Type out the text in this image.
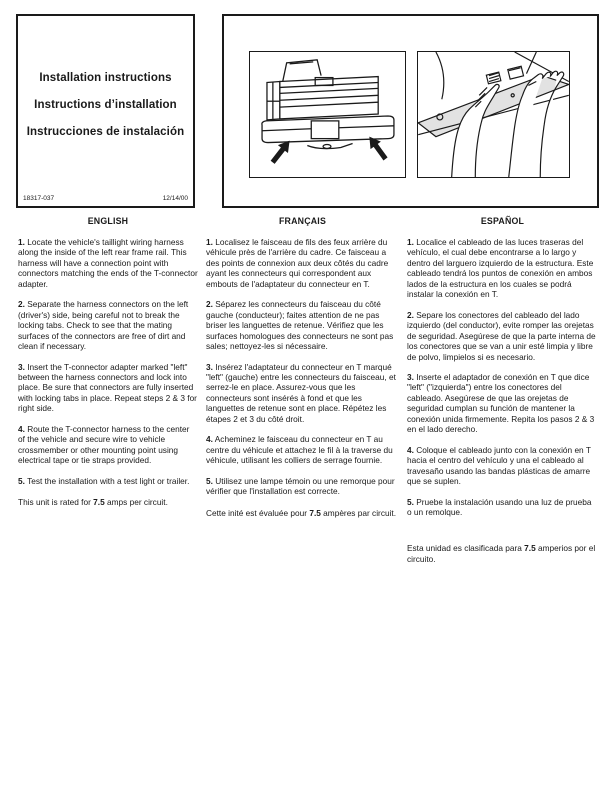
Installation instructions
Instructions d’installation
Instrucciones de instalación
18317-037	12/14/00
ENGLISH

1. Locate the vehicle's taillight wiring harness along the inside of the left rear frame rail. This harness will have a connection point with connectors matching the ends of the T-connector adapter.

2. Separate the harness connectors on the left (driver's) side, being careful not to break the locking tabs. Check to see that the mating surfaces of the connectors are free of dirt and clean if necessary.

3. Insert the T-connector adapter marked "left" between the harness connectors and lock into place. Be sure that connectors are fully inserted with locking tabs in place. Repeat steps 2 & 3 for right side.

4. Route the T-connector harness to the center of the vehicle and secure wire to vehicle crossmember or other mounting point using electrical tape or tie straps provided.

5. Test the installation with a test light or trailer.

This unit is rated for 7.5 amps per circuit.

FRANÇAIS

1. Localisez le faisceau de fils des feux arrière du véhicule près de l'arrière du cadre. Ce faisceau a des points de connexion aux deux côtés du cadre ayant les connecteurs qui correspondent aux embouts de l'adaptateur du connecteur en T.

2. Séparez les connecteurs du faisceau du côté gauche (conducteur); faites attention de ne pas briser les languettes de retenue. Vérifiez que les surfaces homologues des connecteurs ne sont pas sales; nettoyez-les si nécessaire.

3. Insérez l'adaptateur du connecteur en T marqué "left" (gauche) entre les connecteurs du faisceau, et serrez-le en place. Assurez-vous que les connecteurs sont insérés à fond et que les languettes de retenue sont en place. Répétez les étapes 2 et 3 du côté droit.

4. Acheminez le faisceau du connecteur en T au centre du véhicule et attachez le fil à la traverse du véhicule, utilisant les colliers de serrage fournie.

5. Utilisez une lampe témoin ou une remorque pour vérifier que l'installation est correcte.

Cette inité est évaluée pour 7.5 ampères par circuit.

ESPAÑOL

1. Localice el cableado de las luces traseras del vehículo, el cual debe encontrarse a lo largo y dentro del larguero izquierdo de la estructura. Este cableado tendrá los puntos de conexión en ambos lados de la estructura en los cuales se podrá instalar la conexión en T.

2. Separe los conectores del cableado del lado izquierdo (del conductor), evite romper las orejetas de seguridad. Asegúrese de que la parte interna de los conectores que se van a unir esté limpia y libre de polvo, limpielos si es necesario.

3. Inserte el adaptador de conexión en T que dice "left" ("izquierda") entre los conectores del cableado. Asegúrese de que las orejetas de seguridad cumplan su función de mantener la conexión unida firmemente. Repita los pasos 2 & 3 en el lado derecho.

4. Coloque el cableado junto con la conexión en T hacia el centro del vehículo y una el cableado al travesaño usando las bandas plásticas de amarre que se suplen.

5. Pruebe la instalación usando una luz de prueba o un remolque.

Esta unidad es clasificada para 7.5 amperios por el circuito.
